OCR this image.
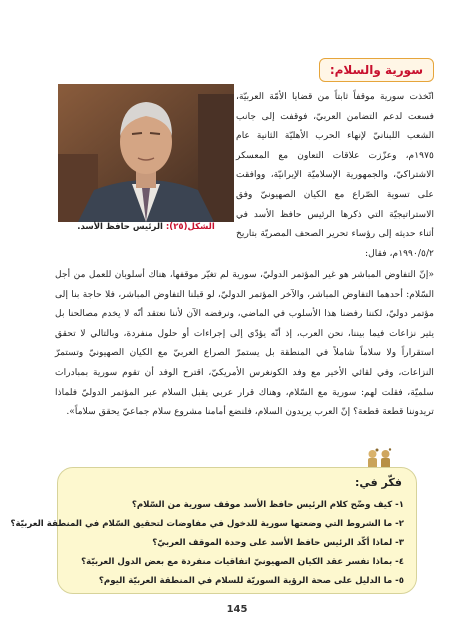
سورية والسلام:
الشكل(٢٥): الرئيس حافظ الأسد.
اتّخذت سورية موقفاً ثابتاً من قضايا الأمّة العربيّة، فسعت لدعم التضامن العربيّ، فوقفت إلى جانب الشعب اللبنانيّ لإنهاء الحرب الأهليّة الثانية عام ١٩٧٥م، وعزّزت علاقات التعاون مع المعسكر الاشتراكيّ، والجمهورية الإسلاميّة الإيرانيّة، ووافقت على تسوية الصّراع مع الكيان الصهيونيّ وفق الاستراتيجيّة التي ذكرها الرئيس حافظ الأسد في أثناء حديثه إلى رؤساء تحرير الصحف المصريّة بتاريخ ١٩٩٠/٥/٢م، فقال:
«إنّ التفاوض المباشر هو غير المؤتمر الدوليّ، سورية لم تغيّر موقفها، هناك أسلوبان للعمل من أجل السّلام: أحدهما التفاوض المباشر، والآخر المؤتمر الدوليّ، لو قبلنا التفاوض المباشر، فلا حاجة بنا إلى مؤتمر دوليّ، لكننا رفضنا هذا الأسلوب في الماضي، ونرفضه الآن لأننا نعتقد أنّه لا يخدم مصالحنا بل يثير نزاعات فيما بيننا، نحن العرب، إذ أنّه يؤدّي إلى إجراءات أو حلول منفردة، وبالتالي لا تحقق استقراراً ولا سلاماً شاملاً في المنطقة بل يستمرّ الصراع العربيّ مع الكيان الصهيونيّ وتستمرّ النزاعات، وفي لقائي الأخير مع وفد الكونغرس الأمريكيّ، اقترح الوفد أن تقوم سورية بمبادرات سلميّة، فقلت لهم: سورية مع السّلام، وهناك قرار عربي يقبل السلام عبر المؤتمر الدوليّ فلماذا تريدوننا قطعة قطعة؟ إنّ العرب يريدون السلام، فلنضع أمامنا مشروع سلام جماعيّ يحقق سلاماً».
فكّر في:
١- كيف وضّح كلام الرئيس حافظ الأسد موقف سورية من السّلام؟
٢- ما الشروط التي وضعتها سورية للدخول في مفاوضات لتحقيق السّلام في المنطقة العربيّة؟
٣- لماذا أكّد الرئيس حافظ الأسد على وحدة الموقف العربيّ؟
٤- بماذا تفسر عقد الكيان الصهيونيّ اتفاقيات منفردة مع بعض الدول العربيّة؟
٥- ما الدليل على صحة الرؤية السوريّة للسلام في المنطقة العربيّة اليوم؟
145
